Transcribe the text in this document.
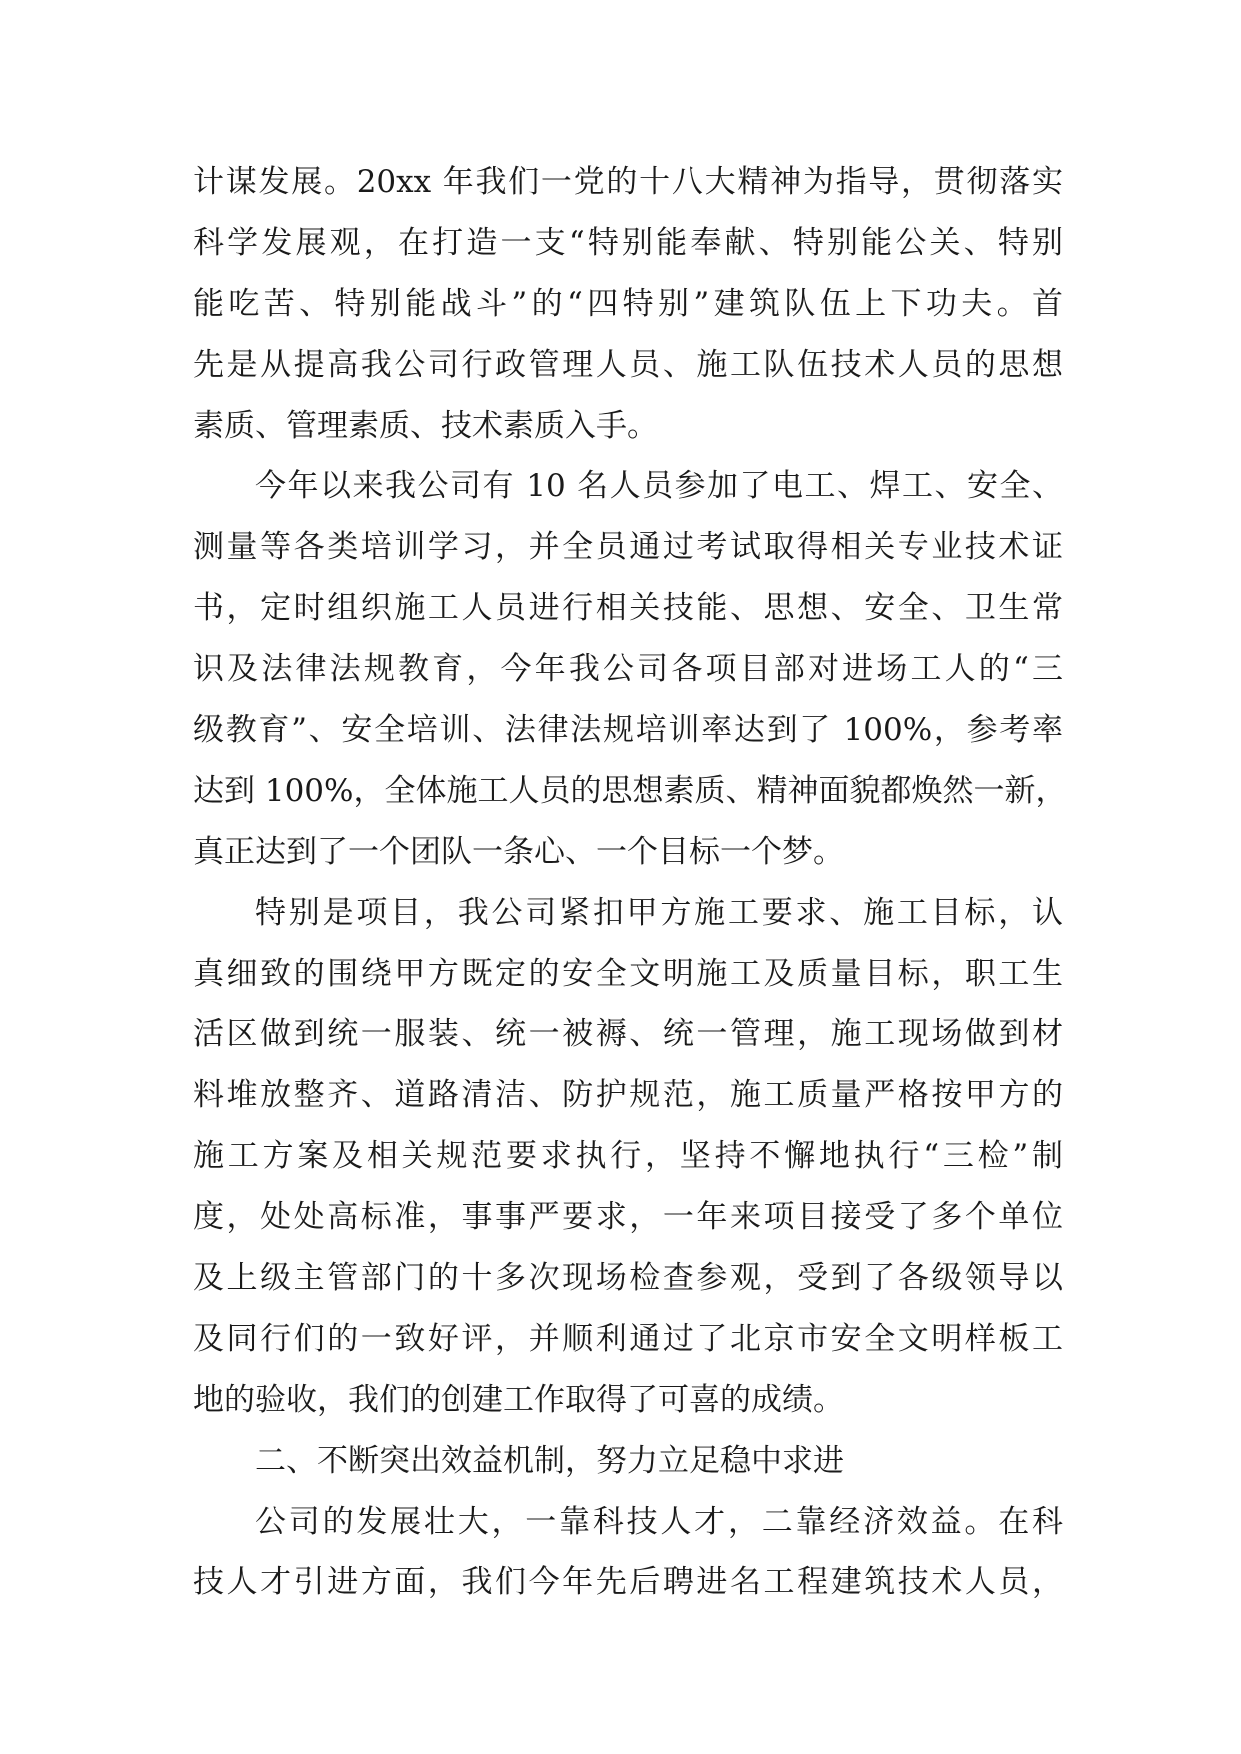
计谋发展。20xx 年我们一党的十八大精神为指导，贯彻落实
科学发展观，在打造一支“特别能奉献、特别能公关、特别
能吃苦、特别能战斗”的“四特别”建筑队伍上下功夫。首
先是从提高我公司行政管理人员、施工队伍技术人员的思想
素质、管理素质、技术素质入手。
今年以来我公司有 10 名人员参加了电工、焊工、安全、
测量等各类培训学习，并全员通过考试取得相关专业技术证
书，定时组织施工人员进行相关技能、思想、安全、卫生常
识及法律法规教育，今年我公司各项目部对进场工人的“三
级教育”、安全培训、法律法规培训率达到了 100%，参考率
达到 100%，全体施工人员的思想素质、精神面貌都焕然一新，
真正达到了一个团队一条心、一个目标一个梦。
特别是项目，我公司紧扣甲方施工要求、施工目标，认
真细致的围绕甲方既定的安全文明施工及质量目标，职工生
活区做到统一服装、统一被褥、统一管理，施工现场做到材
料堆放整齐、道路清洁、防护规范，施工质量严格按甲方的
施工方案及相关规范要求执行，坚持不懈地执行“三检”制
度，处处高标准，事事严要求，一年来项目接受了多个单位
及上级主管部门的十多次现场检查参观，受到了各级领导以
及同行们的一致好评，并顺利通过了北京市安全文明样板工
地的验收，我们的创建工作取得了可喜的成绩。
二、不断突出效益机制，努力立足稳中求进
公司的发展壮大，一靠科技人才，二靠经济效益。在科
技人才引进方面，我们今年先后聘进名工程建筑技术人员，
